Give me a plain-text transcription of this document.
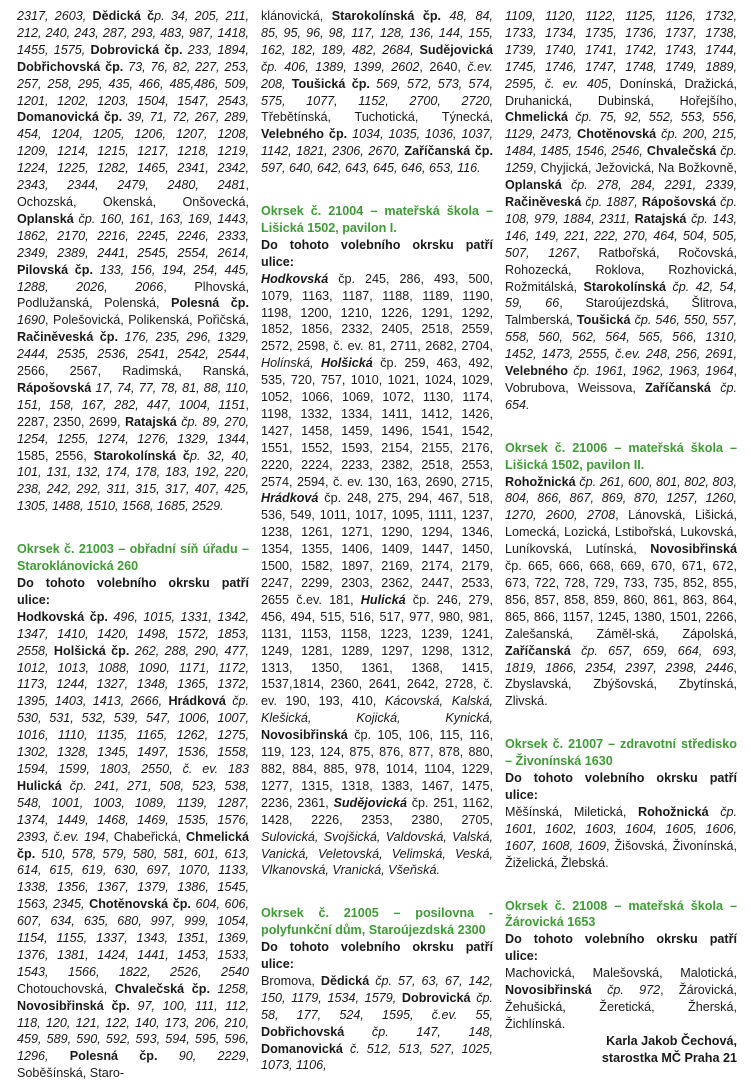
2317, 2603, Dědická čp. 34, 205, 211, 212, 240, 243, 287, 293, 483, 987, 1418, 1455, 1575, Dobrovická čp. 233, 1894, Dobřichovská čp. 73, 76, 82, 227, 253, 257, 258, 295, 435, 466, 485,486, 509, 1201, 1202, 1203, 1504, 1547, 2543, Domanovická čp. 39, 71, 72, 267, 289, 454, 1204, 1205, 1206, 1207, 1208, 1209, 1214, 1215, 1217, 1218, 1219, 1224, 1225, 1282, 1465, 2341, 2342, 2343, 2344, 2479, 2480, 2481, Ochozská, Okenská, Onšovecká, Oplanská čp. 160, 161, 163, 169, 1443, 1862, 2170, 2216, 2245, 2246, 2333, 2349, 2389, 2441, 2545, 2554, 2614, Pilovská čp. 133, 156, 194, 254, 445, 1288, 2026, 2066, Plhovská, Podlužanská, Polenská, Polesná čp. 1690, Polešovická, Polikenská, Pořičská, Račiněveská čp. 176, 235, 296, 1329, 2444, 2535, 2536, 2541, 2542, 2544, 2566, 2567, Radimská, Ranská, Rápošovská 17, 74, 77, 78, 81, 88, 110, 151, 158, 167, 282, 447, 1004, 1151, 2287, 2350, 2699, Ratajská čp. 89, 270, 1254, 1255, 1274, 1276, 1329, 1344, 1585, 2556, Starokolínská čp. 32, 40, 101, 131, 132, 174, 178, 183, 192, 220, 238, 242, 292, 311, 315, 317, 407, 425, 1305, 1488, 1510, 1568, 1685, 2529.

Okrsek č. 21003 – obřadní síň úřadu – Staroklánovická 260

Do tohoto volebního okrsku patří ulice:

Hodkovská čp. 496, 1015, 1331, 1342, 1347, 1410, 1420, 1498, 1572, 1853, 2558, Holšická čp. 262, 288, 290, 477, 1012, 1013, 1088, 1090, 1171, 1172, 1173, 1244, 1327, 1348, 1365, 1372, 1395, 1403, 1413, 2666, Hrádková čp. 530, 531, 532, 539, 547, 1006, 1007, 1016, 1110, 1135, 1165, 1262, 1275, 1302, 1328, 1345, 1497, 1536, 1558, 1594, 1599, 1803, 2550, č. ev. 183 Hulická čp. 241, 271, 508, 523, 538, 548, 1001, 1003, 1089, 1139, 1287, 1374, 1449, 1468, 1469, 1535, 1576, 2393, č.ev. 194, Chabeřická, Chmelická čp. 510, 578, 579, 580, 581, 601, 613, 614, 615, 619, 630, 697, 1070, 1133, 1338, 1356, 1367, 1379, 1386, 1545, 1563, 2345, Chotěnovská čp. 604, 606, 607, 634, 635, 680, 997, 999, 1054, 1154, 1155, 1337, 1343, 1351, 1369, 1376, 1381, 1424, 1441, 1453, 1533, 1543, 1566, 1822, 2526, 2540 Chotouchovská, Chvalečská čp. 1258, Novosibřinská čp. 97, 100, 111, 112, 118, 120, 121, 122, 140, 173, 206, 210, 459, 589, 590, 592, 593, 594, 595, 596, 1296, Polesná čp. 90, 2229, Soběšínská, Staro-

klánovická, Starokolínská čp. 48, 84, 85, 95, 96, 98, 117, 128, 136, 144, 155, 162, 182, 189, 482, 2684, Sudějovická čp. 406, 1389, 1399, 2602, 2640, č.ev. 208, Toušická čp. 569, 572, 573, 574, 575, 1077, 1152, 2700, 2720, Třebětínská, Tuchotická, Týnecká, Velebného čp. 1034, 1035, 1036, 1037, 1142, 1821, 2306, 2670, Zaříčanská čp. 597, 640, 642, 643, 645, 646, 653, 116.

Okrsek č. 21004 – mateřská škola – Lišická 1502, pavilon I.

Do tohoto volebního okrsku patří ulice:

Hodkovská čp. 245, 286, 493, 500, 1079, 1163, 1187, 1188, 1189, 1190, 1198, 1200, 1210, 1226, 1291, 1292, 1852, 1856, 2332, 2405, 2518, 2559, 2572, 2598, č. ev. 81, 2711, 2682, 2704, Holínská, Holšická čp. 259, 463, 492, 535, 720, 757, 1010, 1021, 1024, 1029, 1052, 1066, 1069, 1072, 1130, 1174, 1198, 1332, 1334, 1411, 1412, 1426, 1427, 1458, 1459, 1496, 1541, 1542, 1551, 1552, 1593, 2154, 2155, 2176, 2220, 2224, 2233, 2382, 2518, 2553, 2574, 2594, č. ev. 130, 163, 2690, 2715, Hrádková čp. 248, 275, 294, 467, 518, 536, 549, 1011, 1017, 1095, 1111, 1237, 1238, 1261, 1271, 1290, 1294, 1346, 1354, 1355, 1406, 1409, 1447, 1450, 1500, 1582, 1897, 2169, 2174, 2179, 2247, 2299, 2303, 2362, 2447, 2533, 2655 č.ev. 181, Hulická čp. 246, 279, 456, 494, 515, 516, 517, 977, 980, 981, 1131, 1153, 1158, 1223, 1239, 1241, 1249, 1281, 1289, 1297, 1298, 1312, 1313, 1350, 1361, 1368, 1415, 1537,1814, 2360, 2641, 2642, 2728, č. ev. 190, 193, 410, Kácovská, Kalská, Klešická, Kojická, Kynická, Novosibřinská čp. 105, 106, 115, 116, 119, 123, 124, 875, 876, 877, 878, 880, 882, 884, 885, 978, 1014, 1104, 1229, 1277, 1315, 1318, 1383, 1467, 1475, 2236, 2361, Sudějovická čp. 251, 1162, 1428, 2226, 2353, 2380, 2705, Sulovická, Svojšická, Valdovská, Valská, Vanická, Veletovská, Velimská, Veská, Vlkanovská, Vranická, Všeňská.

Okrsek č. 21005 – posilovna - polyfunkční dům, Staroújezdská 2300

Do tohoto volebního okrsku patří ulice:

Bromova, Dědická čp. 57, 63, 67, 142, 150, 1179, 1534, 1579, Dobrovická čp. 58, 177, 524, 1595, č.ev. 55, Dobřichovská čp. 147, 148, Domanovická č. 512, 513, 527, 1025, 1073, 1106,

1109, 1120, 1122, 1125, 1126, 1732, 1733, 1734, 1735, 1736, 1737, 1738, 1739, 1740, 1741, 1742, 1743, 1744, 1745, 1746, 1747, 1748, 1749, 1889, 2595, č. ev. 405, Donínská, Dražická, Druhanická, Dubinská, Hořejšího, Chmelická čp. 75, 92, 552, 553, 556, 1129, 2473, Chotěnovská čp. 200, 215, 1484, 1485, 1546, 2546, Chvalečská čp. 1259, Chyjická, Ježovická, Na Božkovně, Oplanská čp. 278, 284, 2291, 2339, Račiněveská čp. 1887, Rápošovská čp. 108, 979, 1884, 2311, Ratajská čp. 143, 146, 149, 221, 222, 270, 464, 504, 505, 507, 1267, Ratbořská, Ročovská, Rohozecká, Roklova, Rozhovická, Rožmitálská, Starokolínská čp. 42, 54, 59, 66, Staroújezdská, Šlitrova, Talmberská, Toušická čp. 546, 550, 557, 558, 560, 562, 564, 565, 566, 1310, 1452, 1473, 2555, č.ev. 248, 256, 2691, Velebného čp. 1961, 1962, 1963, 1964, Vobrubova, Weissova, Zaříčanská čp. 654.

Okrsek č. 21006 – mateřská škola – Lišická 1502, pavilon II.

Rohožnická čp. 261, 600, 801, 802, 803, 804, 866, 867, 869, 870, 1257, 1260, 1270, 2600, 2708, Lánovská, Lišická, Lomecká, Lozická, Lstibořská, Lukovská, Luníkovská, Lutínská, Novosibřinská čp. 665, 666, 668, 669, 670, 671, 672, 673, 722, 728, 729, 733, 735, 852, 855, 856, 857, 858, 859, 860, 861, 863, 864, 865, 866, 1157, 1245, 1380, 1501, 2266, Zalešanská, Záměl-ská, Zápolská, Zaříčanská čp. 657, 659, 664, 693, 1819, 1866, 2354, 2397, 2398, 2446, Zbyslavská, Zbýšovská, Zbytínská, Zlivská.

Okrsek č. 21007 – zdravotní středisko – Živonínská 1630

Do tohoto volebního okrsku patří ulice:

Měšínská, Miletická, Rohožnická čp. 1601, 1602, 1603, 1604, 1605, 1606, 1607, 1608, 1609, Žišovská, Živonínská, Žiželická, Žlebská.

Okrsek č. 21008 – mateřská škola – Žárovická 1653

Do tohoto volebního okrsku patří ulice:

Machovická, Malešovská, Malotická, Novosibřinská čp. 972, Žárovická, Žehušická, Žeretická, Žherská, Žichlínská.

Karla Jakob Čechová,
starostka MČ Praha 21
